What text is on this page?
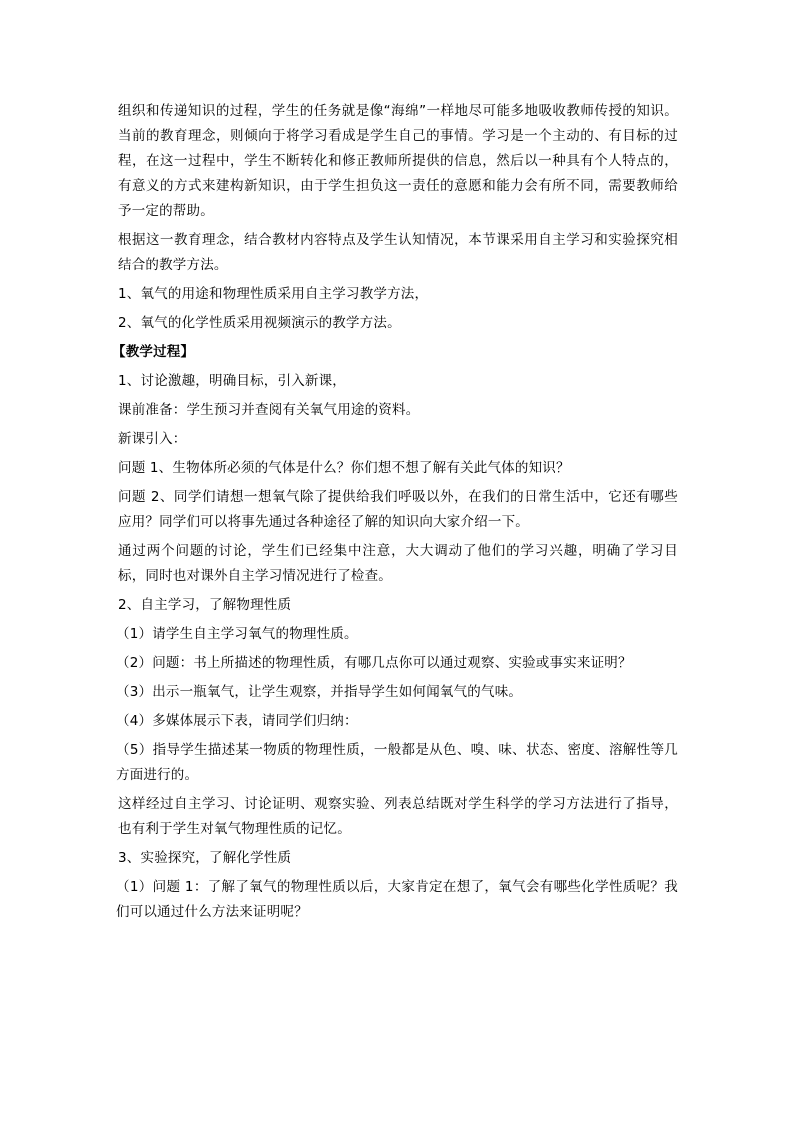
组织和传递知识的过程，学生的任务就是像“海绵”一样地尽可能多地吸收教师传授的知识。当前的教育理念，则倾向于将学习看成是学生自己的事情。学习是一个主动的、有目标的过程，在这一过程中，学生不断转化和修正教师所提供的信息，然后以一种具有个人特点的，有意义的方式来建构新知识，由于学生担负这一责任的意愿和能力会有所不同，需要教师给予一定的帮助。

根据这一教育理念，结合教材内容特点及学生认知情况，本节课采用自主学习和实验探究相结合的教学方法。

1、氧气的用途和物理性质采用自主学习教学方法，

2、氧气的化学性质采用视频演示的教学方法。

【教学过程】

1、讨论激趣，明确目标，引入新课，

课前准备：学生预习并查阅有关氧气用途的资料。

新课引入：

问题 1、生物体所必须的气体是什么？你们想不想了解有关此气体的知识？

问题 2、同学们请想一想氧气除了提供给我们呼吸以外，在我们的日常生活中，它还有哪些应用？同学们可以将事先通过各种途径了解的知识向大家介绍一下。

通过两个问题的讨论，学生们已经集中注意，大大调动了他们的学习兴趣，明确了学习目标，同时也对课外自主学习情况进行了检查。

2、自主学习，了解物理性质

（1）请学生自主学习氧气的物理性质。

（2）问题：书上所描述的物理性质，有哪几点你可以通过观察、实验或事实来证明？

（3）出示一瓶氧气，让学生观察，并指导学生如何闻氧气的气味。

（4）多媒体展示下表，请同学们归纳：

（5）指导学生描述某一物质的物理性质，一般都是从色、嗅、味、状态、密度、溶解性等几方面进行的。

这样经过自主学习、讨论证明、观察实验、列表总结既对学生科学的学习方法进行了指导，也有利于学生对氧气物理性质的记忆。

3、实验探究，了解化学性质

（1）问题 1：了解了氧气的物理性质以后，大家肯定在想了，氧气会有哪些化学性质呢？我们可以通过什么方法来证明呢？
